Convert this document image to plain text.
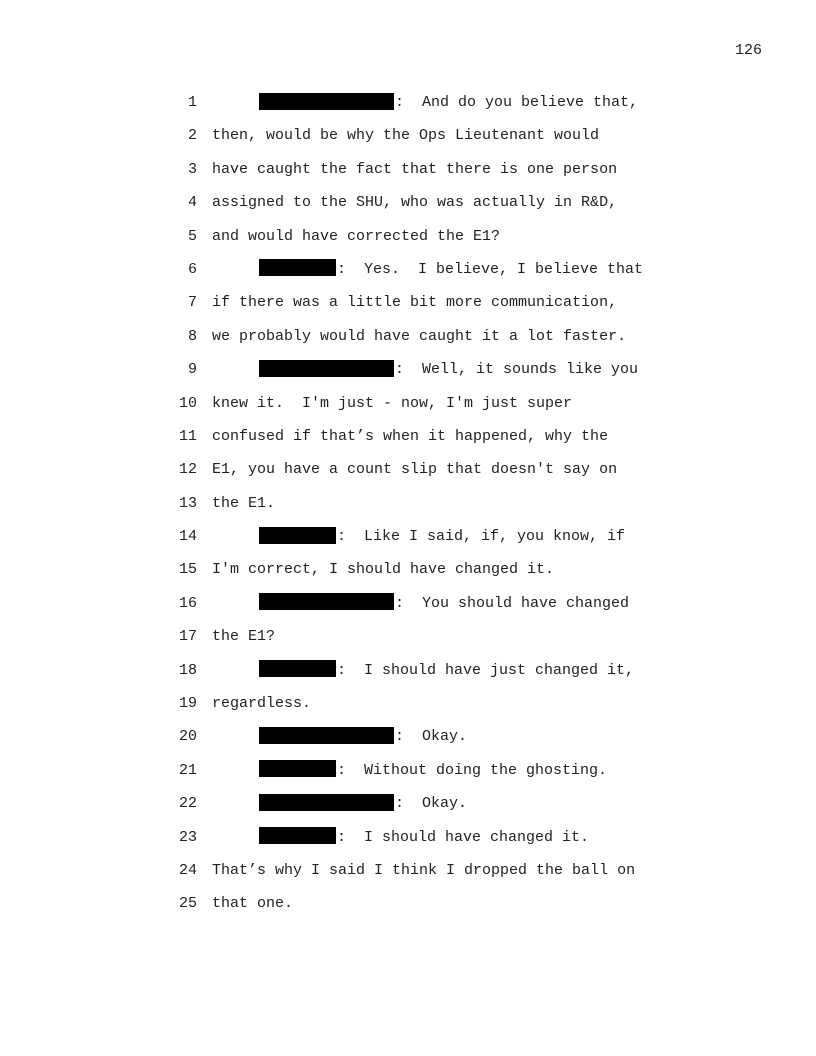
126
1	:  And do you believe that,
2 then, would be why the Ops Lieutenant would
3 have caught the fact that there is one person
4 assigned to the SHU, who was actually in R&D,
5 and would have corrected the E1?
6	:  Yes.  I believe, I believe that
7 if there was a little bit more communication,
8 we probably would have caught it a lot faster.
9	:  Well, it sounds like you
10 knew it.  I'm just - now, I'm just super
11 confused if that’s when it happened, why the
12 E1, you have a count slip that doesn't say on
13 the E1.
14	:  Like I said, if, you know, if
15 I'm correct, I should have changed it.
16	:  You should have changed
17 the E1?
18	:  I should have just changed it,
19 regardless.
20	:  Okay.
21	:  Without doing the ghosting.
22	:  Okay.
23	:  I should have changed it.
24 That’s why I said I think I dropped the ball on
25 that one.
